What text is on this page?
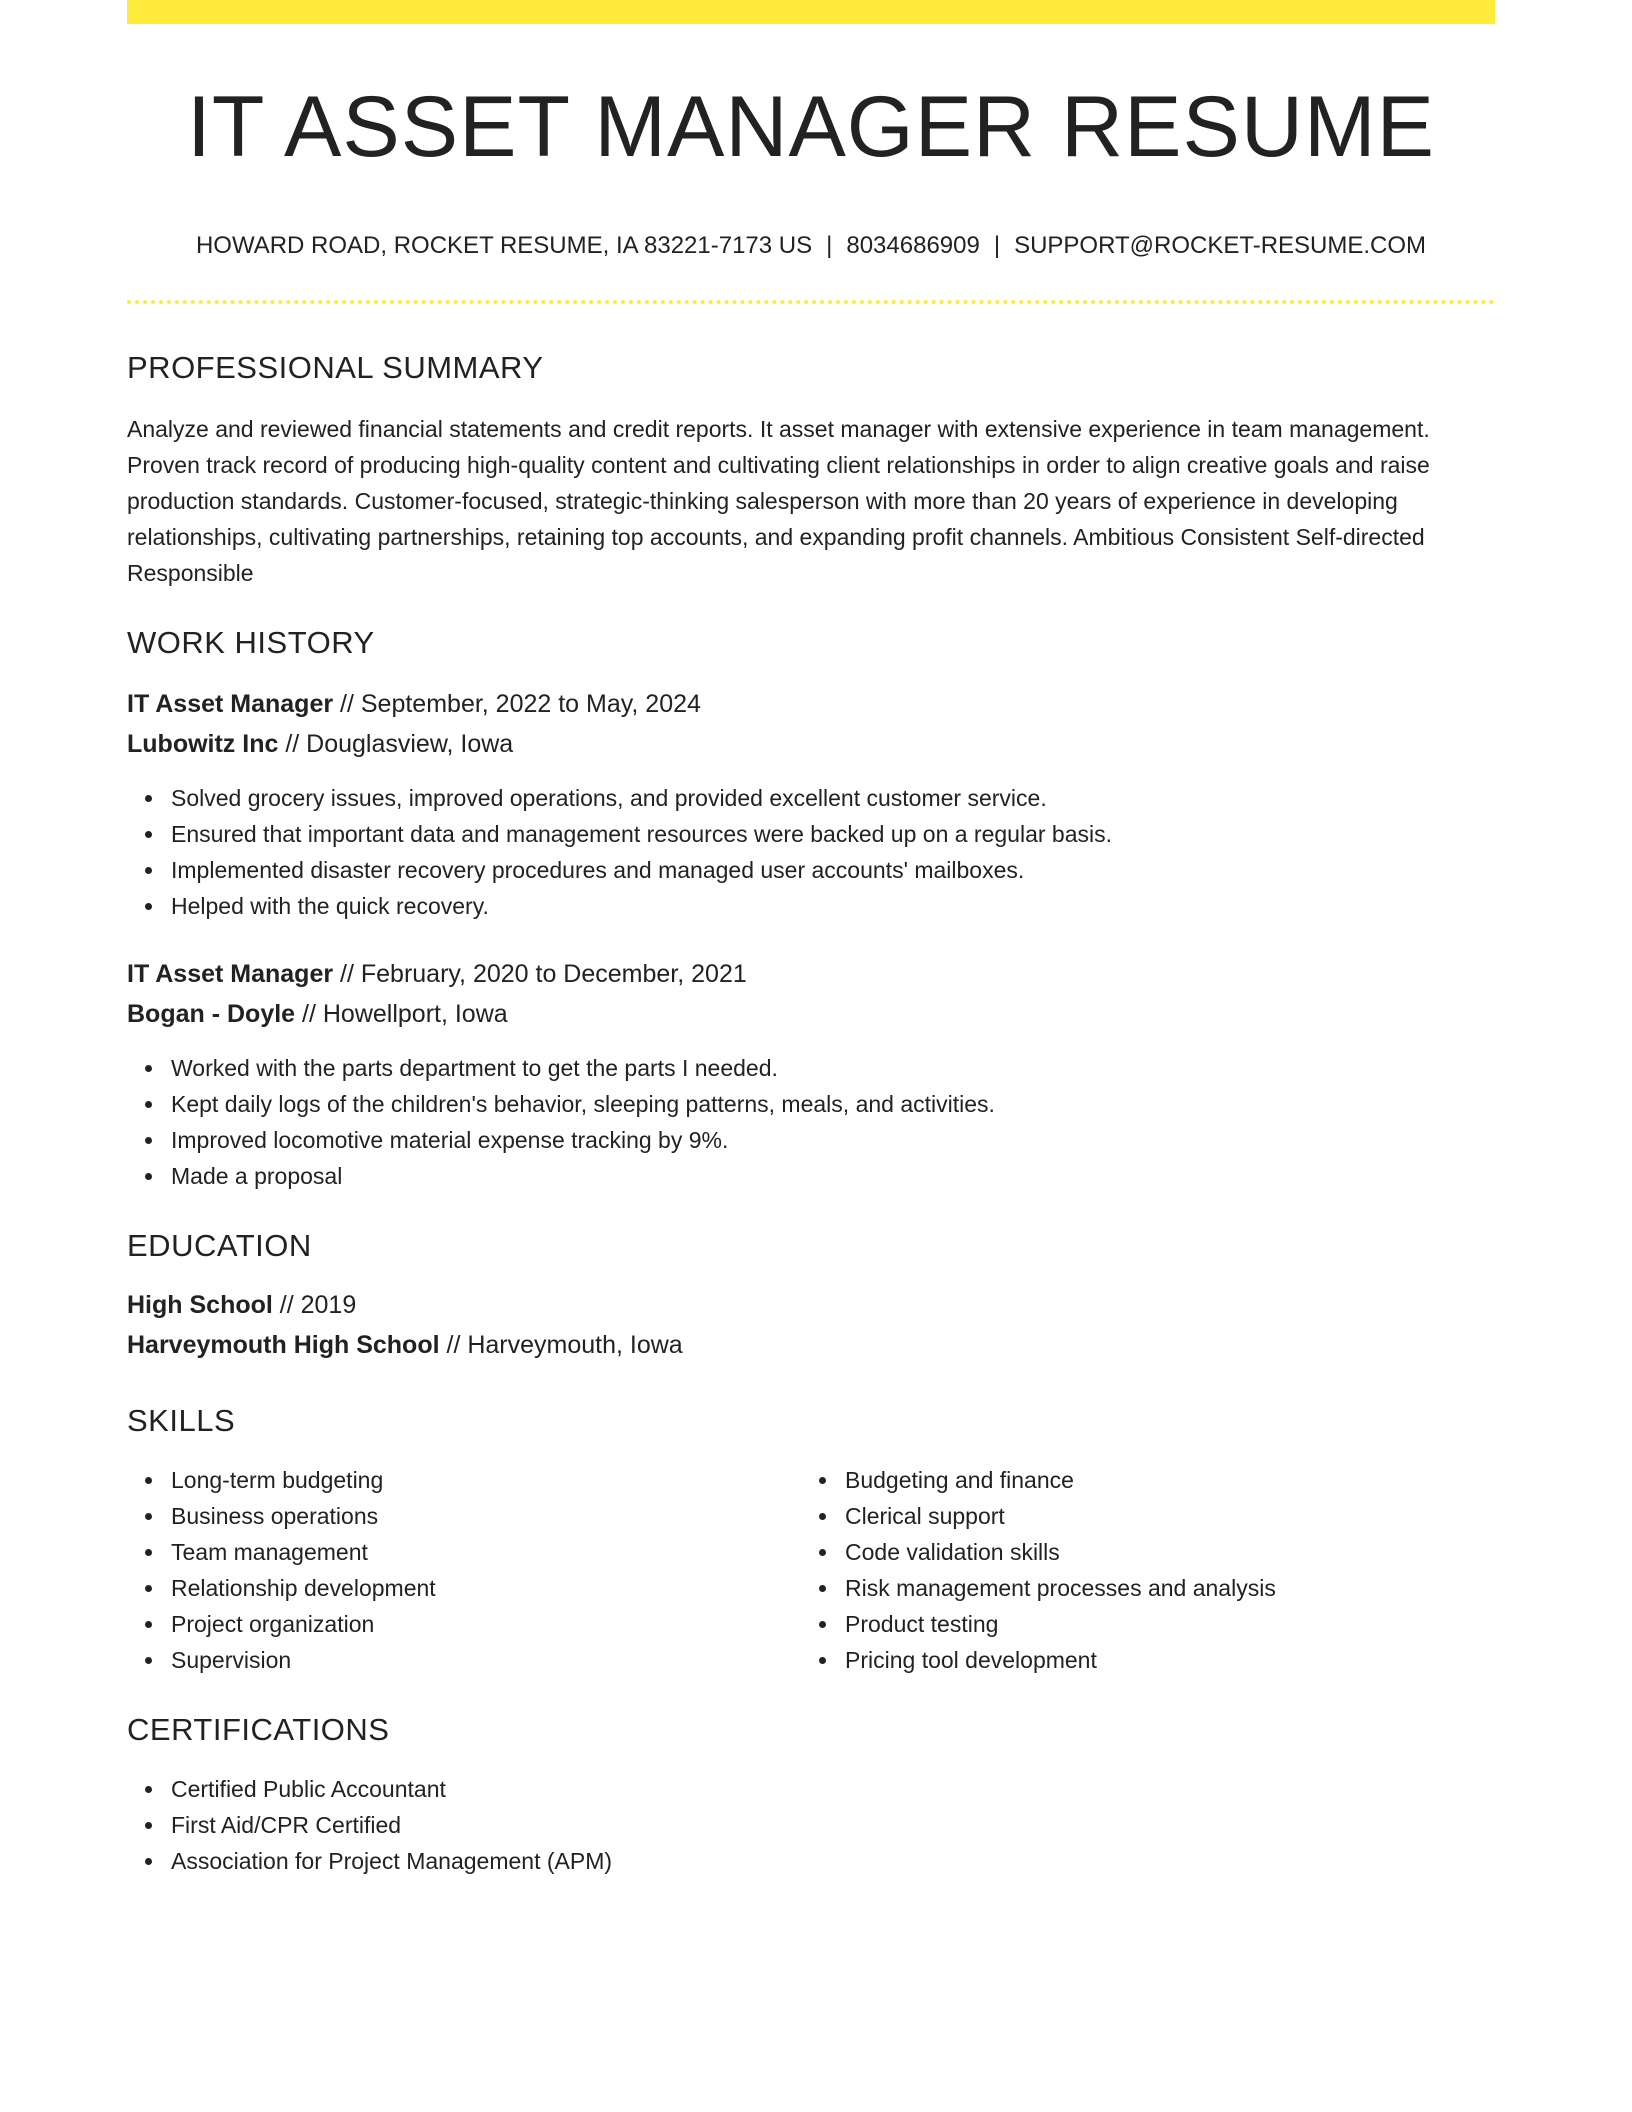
IT ASSET MANAGER RESUME
HOWARD ROAD, ROCKET RESUME, IA 83221-7173 US | 8034686909 | SUPPORT@ROCKET-RESUME.COM
PROFESSIONAL SUMMARY

Analyze and reviewed financial statements and credit reports. It asset manager with extensive experience in team management. Proven track record of producing high-quality content and cultivating client relationships in order to align creative goals and raise production standards. Customer-focused, strategic-thinking salesperson with more than 20 years of experience in developing relationships, cultivating partnerships, retaining top accounts, and expanding profit channels. Ambitious Consistent Self-directed Responsible

WORK HISTORY
IT Asset Manager // September, 2022 to May, 2024
Lubowitz Inc // Douglasview, Iowa
Solved grocery issues, improved operations, and provided excellent customer service.
Ensured that important data and management resources were backed up on a regular basis.
Implemented disaster recovery procedures and managed user accounts' mailboxes.
Helped with the quick recovery.
IT Asset Manager // February, 2020 to December, 2021
Bogan - Doyle // Howellport, Iowa
Worked with the parts department to get the parts I needed.
Kept daily logs of the children's behavior, sleeping patterns, meals, and activities.
Improved locomotive material expense tracking by 9%.
Made a proposal
EDUCATION
High School // 2019
Harveymouth High School // Harveymouth, Iowa
SKILLS
Long-term budgeting
Business operations
Team management
Relationship development
Project organization
Supervision
Budgeting and finance
Clerical support
Code validation skills
Risk management processes and analysis
Product testing
Pricing tool development
CERTIFICATIONS
Certified Public Accountant
First Aid/CPR Certified
Association for Project Management (APM)
